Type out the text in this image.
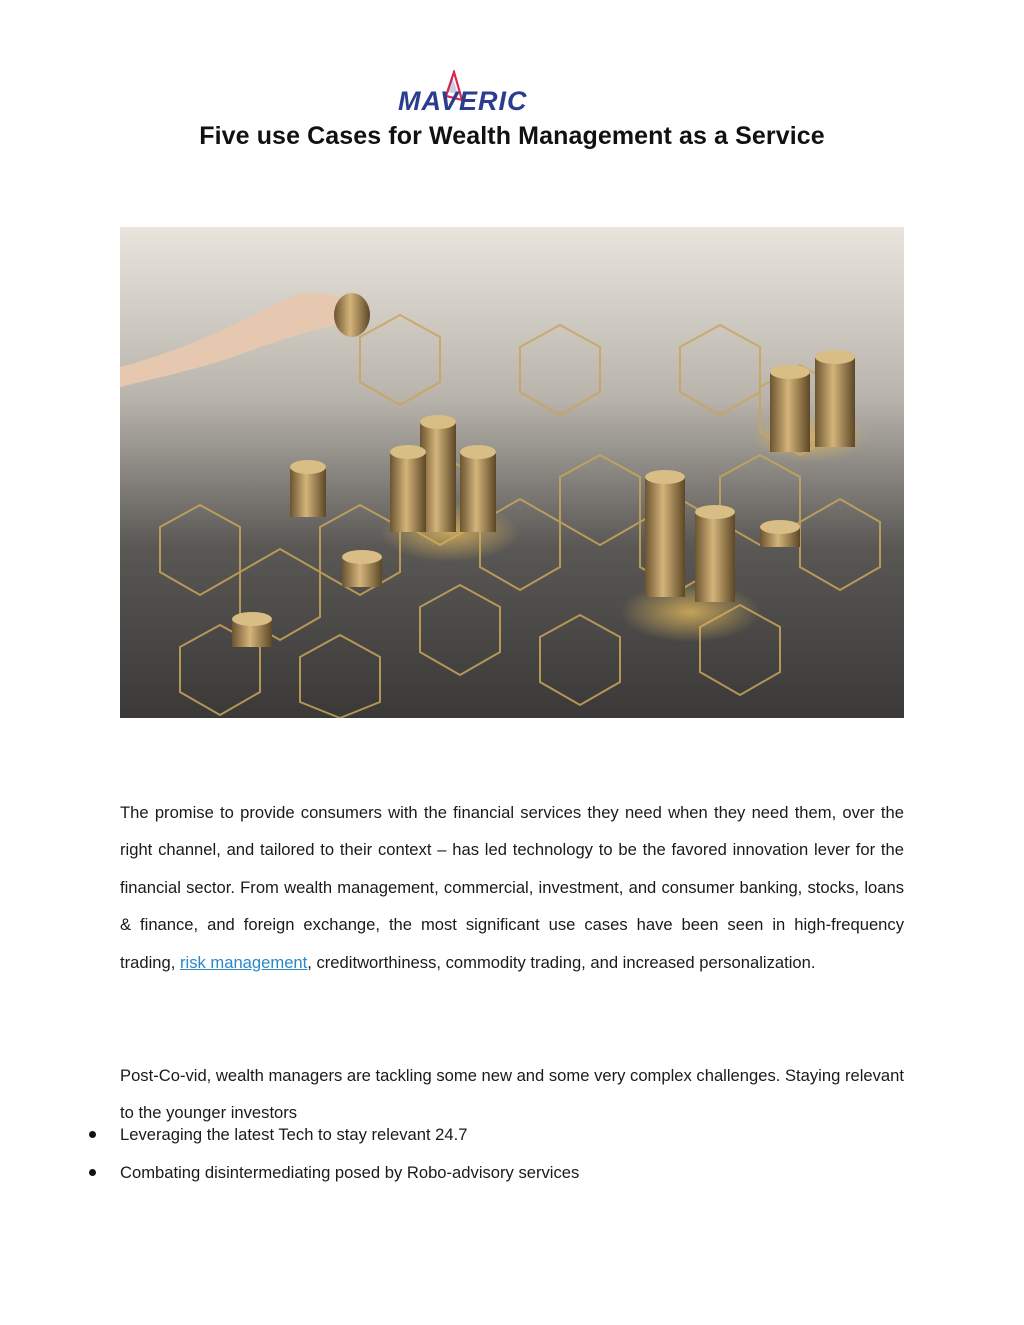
MAVERIC
Five use Cases for Wealth Management as a Service

The promise to provide consumers with the financial services they need when they need them, over the right channel, and tailored to their context – has led technology to be the favored innovation lever for the financial sector. From wealth management, commercial, investment, and consumer banking, stocks, loans & finance, and foreign exchange, the most significant use cases have been seen in high-frequency trading, risk management, creditworthiness, commodity trading, and increased personalization.

Post-Co-vid, wealth managers are tackling some new and some very complex challenges. Staying relevant to the younger investors

Leveraging the latest Tech to stay relevant 24.7
Combating disintermediating posed by Robo-advisory services
